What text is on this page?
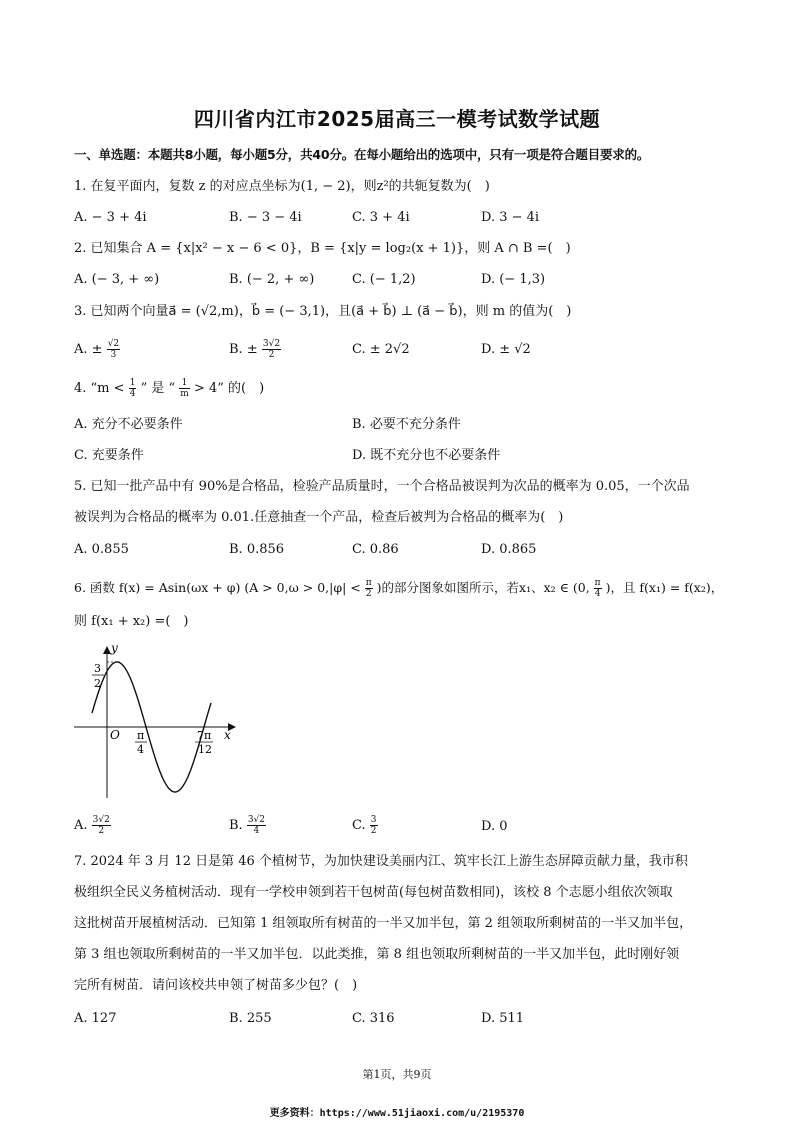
四川省内江市2025届高三一模考试数学试题
一、单选题：本题共8小题，每小题5分，共40分。在每小题给出的选项中，只有一项是符合题目要求的。
1. 在复平面内，复数 z 的对应点坐标为(1, − 2)，则z²的共轭复数为(　)
A. − 3 + 4i	B. − 3 − 4i	C. 3 + 4i	D. 3 − 4i
2. 已知集合 A = {x|x² − x − 6 < 0}，B = {x|y = log₂(x + 1)}，则 A ∩ B =(　)
A. (− 3, + ∞)	B. (− 2, + ∞)	C. (− 1,2)	D. (− 1,3)
3. 已知两个向量a⃗ = (√2,m)，b⃗ = (− 3,1)，且(a⃗ + b⃗) ⊥ (a⃗ − b⃗)，则 m 的值为(　)
A. ± $\frac{√2}{3}$	B. ± $\frac{3√2}{2}$	C. ± 2√2	D. ± √2
4. “$m < \frac{1}{4}$ ” 是 “ $\frac{1}{m} > 4$” 的(　)
A. 充分不必要条件	B. 必要不充分条件
C. 充要条件	D. 既不充分也不必要条件
5. 已知一批产品中有 90%是合格品，检验产品质量时，一个合格品被误判为次品的概率为 0.05，一个次品
被误判为合格品的概率为 0.01.任意抽查一个产品，检查后被判为合格品的概率为(　)
A. 0.855	B. 0.856	C. 0.86	D. 0.865
6. 函数 f(x) = Asin(ωx + φ) ($A > 0,\omega > 0,|\varphi| < \frac{\pi}{2}$ )的部分图象如图所示，若x₁、x₂ ∈ (0, $\frac{\pi}{4}$ )，且 f(x₁) = f(x₂)，
则 f(x₁ + x₂) =(　)
y
x
O
3
2
π
4
7π
12
A. $\frac{3√2}{2}$	B. $\frac{3√2}{4}$	C. $\frac{3}{2}$	D. 0
7. 2024 年 3 月 12 日是第 46 个植树节，为加快建设美丽内江、筑牢长江上游生态屏障贡献力量，我市积
极组织全民义务植树活动．现有一学校申领到若干包树苗(每包树苗数相同)，该校 8 个志愿小组依次领取
这批树苗开展植树活动．已知第 1 组领取所有树苗的一半又加半包，第 2 组领取所剩树苗的一半又加半包，
第 3 组也领取所剩树苗的一半又加半包．以此类推，第 8 组也领取所剩树苗的一半又加半包，此时刚好领
完所有树苗．请问该校共申领了树苗多少包？(　)
A. 127	B. 255	C. 316	D. 511
第1页，共9页
更多资料：https://www.51jiaoxi.com/u/2195370
